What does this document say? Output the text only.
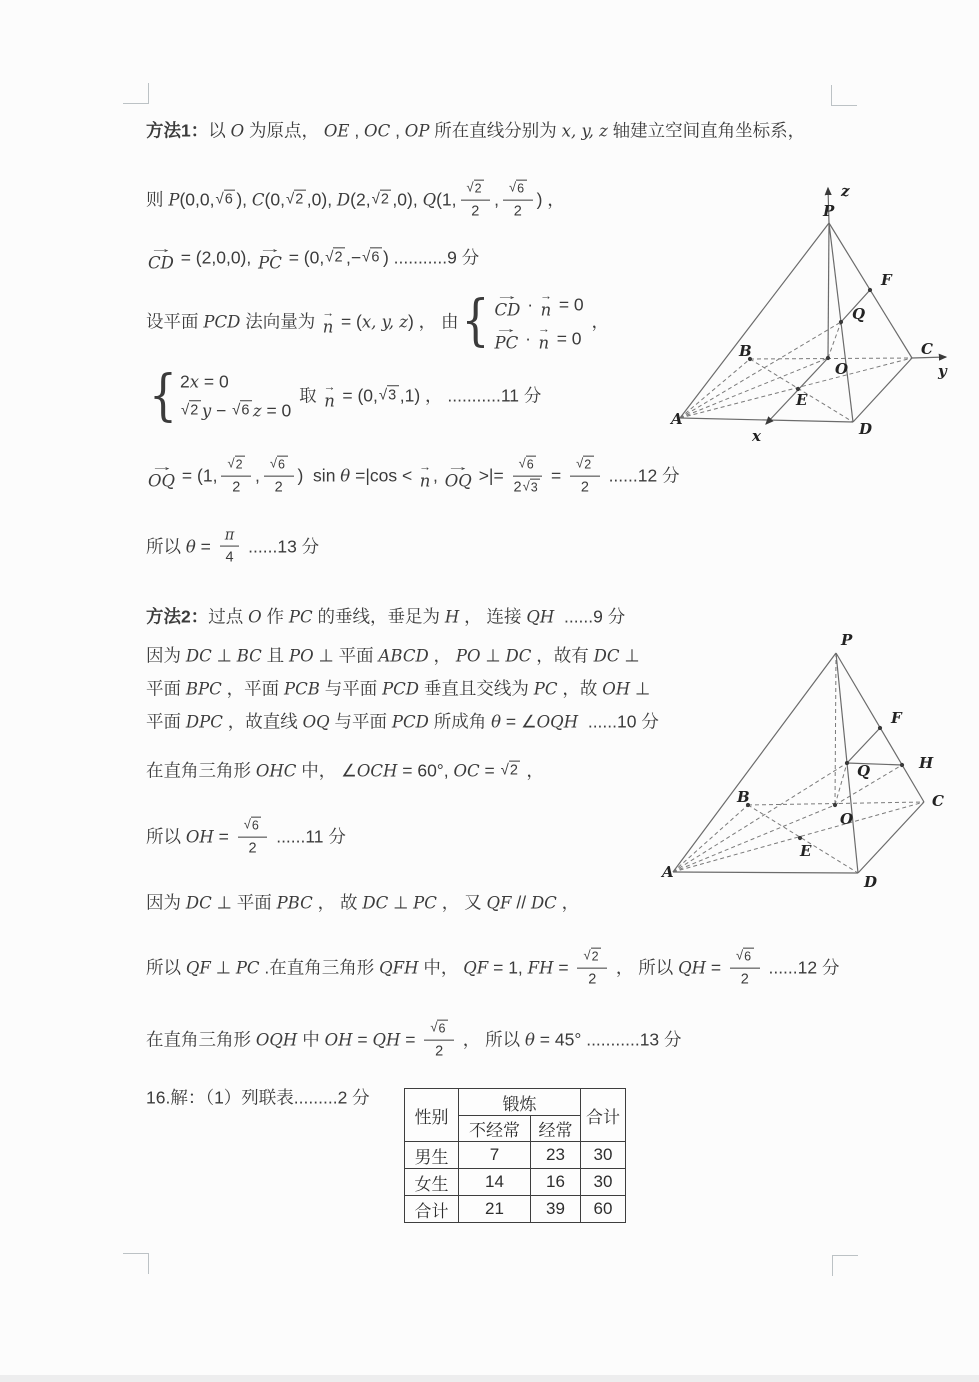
方法1： 以 O 为原点， OE , OC , OP 所在直线分别为 x, y, z 轴建立空间直角坐标系，
则 P (0,0, √ 6 ), C (0, √ 2 ,0), D (2, √ 2 ,0), Q (1, $\frac{√ 2}{2}$ , $\frac{√ 6}{2}$ ) ，
→
CD = (2,0,0), →
PC = (0, √ 2 ,− √ 6 ) ...........9 分
设平面 PCD 法向量为 →
n = ( x, y, z ) ， 由 { →
CD · →
n = 0
→
PC · →
n = 0
，
{ 2 x = 0
√ 2 y − √ 6 z = 0
取 →
n = (0, √ 3 ,1) ， ...........11 分
→
OQ = (1, $\frac{√ 2}{2}$ , $\frac{√ 6}{2}$ )  sin θ =|cos < →
n , →
OQ >|= $\frac{√ 6}{2 √ 3} = \frac{√ 2}{2} ......12$ 分
所以 $\theta = \frac{\pi}{4} ......13$ 分
方法2： 过点 O 作 PC 的垂线，垂足为 H ， 连接 QH ......9 分
因为 DC ⊥ BC 且 PO ⊥ 平面 ABCD ， PO ⊥ DC ，故有 DC ⊥
平面 BPC ，平面 PCB 与平面 PCD 垂直且交线为 PC ，故 OH ⊥
平面 DPC ，故直线 OQ 与平面 PCD 所成角 θ = ∠ OQH ......10 分
在直角三角形 OHC 中， ∠ OCH = 60°, OC = √ 2 ，
所以 OH = $\frac{√ 6}{2} ......11$ 分
因为 DC ⊥ 平面 PBC ， 故 DC ⊥ PC ， 又 QF // DC ，
所以 QF ⊥ PC .在直角三角形 QFH 中， QF = 1, FH = $\frac{√ 2}{2}$ ， 所以 QH = $\frac{√ 6}{2} ......12$ 分
在直角三角形 OQH 中 OH = QH = $\frac{√ 6}{2}$ ， 所以 θ = 45° ...........13 分
16.解：（1）列联表.........2 分
性别	锻炼		合计
	不经常	经常	
男生	7	23	30
女生	14	16	30
合计	21	39	60
P
z
F
Q
B	C
y
O
E
A
D
x
P
F
H
Q
B	C
O
E
A
D
